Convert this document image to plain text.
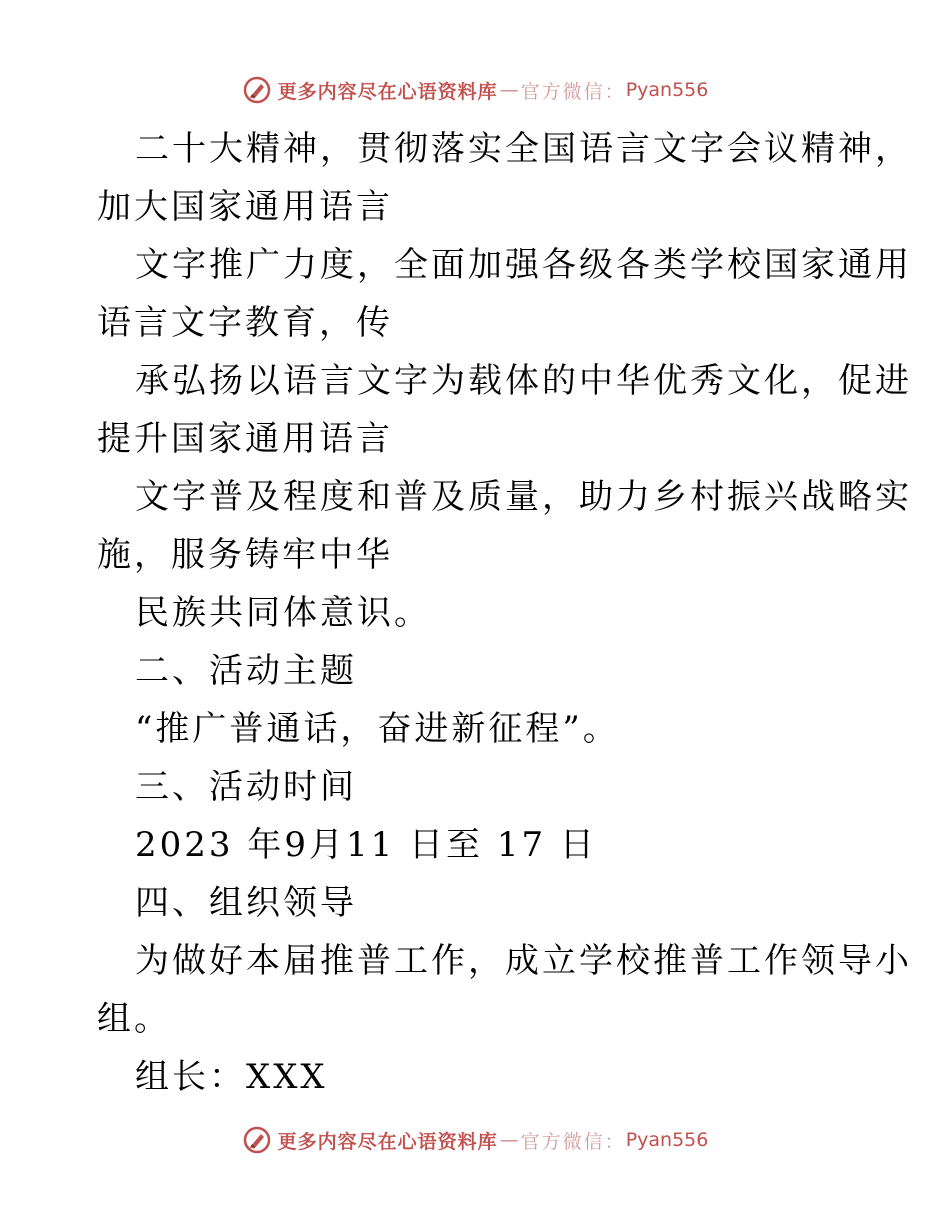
更多内容尽在心语资料库 — 官方微信： Pyan556
二十大精神，贯彻落实全国语言文字会议精神，
加大国家通用语言
文字推广力度，全面加强各级各类学校国家通用
语言文字教育，传
承弘扬以语言文字为载体的中华优秀文化，促进
提升国家通用语言
文字普及程度和普及质量，助力乡村振兴战略实
施，服务铸牢中华
民族共同体意识。
二、活动主题
“推广普通话，奋进新征程”。
三、活动时间
2023 年9月11 日至 17 日
四、组织领导
为做好本届推普工作，成立学校推普工作领导小
组。
组长：XXX
更多内容尽在心语资料库 — 官方微信： Pyan556
